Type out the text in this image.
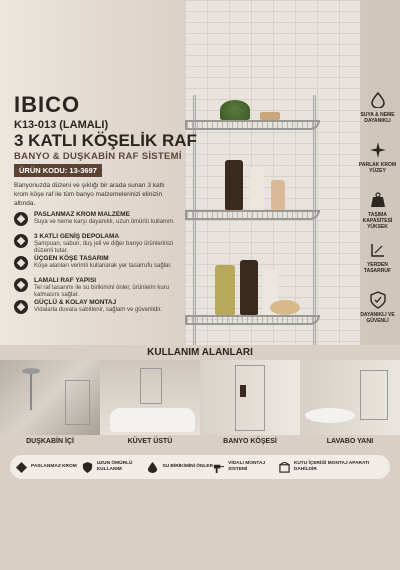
IBICO
K13-013 (LAMALI)
3 KATLI KÖŞELİK RAF
BANYO & DUŞKABİN RAF SİSTEMİ
ÜRÜN KODU: 13-3697
Banyonuzda düzeni ve şıklığı bir arada sunan 3 katlı krom köşe raf ile tüm banyo malzemelerinizi elinizin altında.
PASLANMAZ KROM MALZEME
Suya ve neme karşı dayanıklı, uzun ömürlü kullanım.
3 KATLI GENİŞ DEPOLAMA
Şampuan, sabun, duş jeli ve diğer banyo ürünlerinizi düzenli tutar.
ÜÇGEN KÖŞE TASARIM
Köşe alanları verimli kullanarak yer tasarrufu sağlar.
LAMALI RAF YAPISI
Tel raf tasarımı ile su birikimini önler, ürünlerin kuru kalmasını sağlar.
GÜÇLÜ & KOLAY MONTAJ
Vidalarla duvara sabitlenir, sağlam ve güvenlidir.
SUYA & NEME DAYANIKLI
PARLAK KROM YÜZEY
TAŞIMA KAPASİTESİ YÜKSEK
YERDEN TASARRUF
DAYANIKLI VE GÜVENLİ
KULLANIM ALANLARI
DUŞKABİN İÇİ	KÜVET ÜSTÜ	BANYO KÖŞESİ	LAVABO YANI
PASLANMAZ KROM
UZUN ÖMÜRLÜ KULLANIM
SU BİRİKİMİNİ ÖNLER
VİDALI MONTAJ SİSTEMİ
KUTU İÇERİĞİ MONTAJ APARATI DAHİLDİR
